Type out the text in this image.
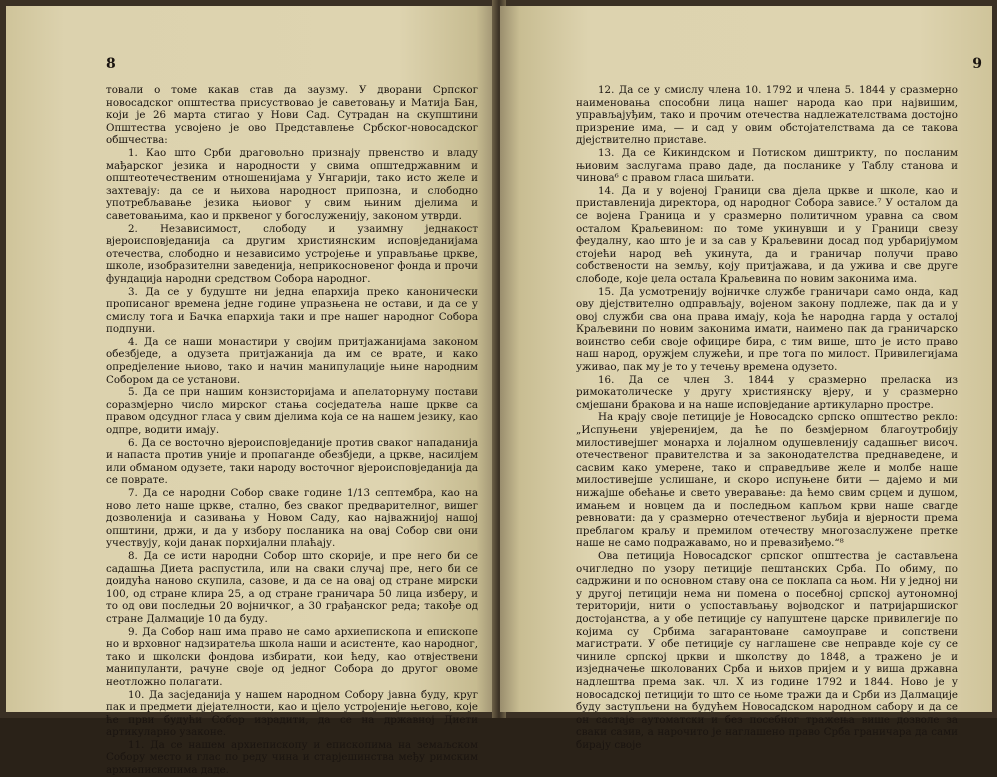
8

товали о томе какав став да заузму. У дворани Српског новосадског општества присуствовао је саветовању и Матија Бан, који је 26 марта стигао у Нови Сад. Сутрадан на скупштини Општества усвојено је ово Представлење Србског-новосадског обшчества:

1. Као што Срби драговољно признају првенство и владу мађарског језика и народности у свима општедржавним и општеотечественим отношенијама у Унгарији, тако исто желе и захтевају: да се и њихова народност припозна, и слободно употребљавање језика њиовог у свим њиним дјелима и саветовањима, као и прквеног у богослуженију, законом утврди.

2. Независимост, слободу и узаимну једнакост вјероисповједанија са другим християнским исповједанијама отечества, слободно и независимо устројење и управљање цркве, школе, изобразителни заведенија, неприкосновеног фонда и прочи фундација народни средством Собора народног.

3. Да се у будуште ни једна епархија преко канонически прописаног времена једне године упразњена не остави, и да се у смислу тога и Бачка епархија таки и пре нашег народног Собора подпуни.

4. Да се наши монастири у својим притјажанијама законом обезбједе, а одузета притјажанија да им се врате, и како опредјеление њиово, тако и начин манипулације њине народним Собором да се установи.

5. Да се при нашим конзисторијама и апелаторнуму постави соразмјерно число мирског стања сосједатеља наше цркве са правом одсудног гласа у свим дјелима која се на нашем језику, као одпре, водити имају.

6. Да се восточно вјероисповједаније против сваког нападанија и напаста против уније и пропаганде обезбједи, а цркве, насилјем или обманом одузете, таки народу восточног вјероисповједанија да се поврате.

7. Да се народни Собор сваке године 1/13 септембра, као на ново лето наше цркве, стално, без сваког предварителног, вишег дозволенија и сазивања у Новом Саду, као најважнијој нашој општини, држи, и да у избору посланика на овај Собор сви они учествују, који данак порхијални плаћају.

8. Да се исти народни Собор што скорије, и пре него би се садашња Диета распустила, или на сваки случај пре, него би се доидућа наново скупила, сазове, и да се на овај од стране мирски 100, од стране клира 25, а од стране граничара 50 лица изберу, и то од ови последњи 20 војничког, а 30 грађанског реда; такође од стране Далмације 10 да буду.

9. Да Собор наш има право не само архиепископа и епископе но и врховног надзиратеља школа наши и асистенте, као народног, тако и школски фондова избирати, кои ћеду, као отвјествени манипуланти, рачуне своје од једног Собора до другог овоме неотложно полагати.

10. Да засједанија у нашем народном Собору јавна буду, круг пак и предмети дјејателности, као и цјело устројеније његово, које ће први будући Собор израдити, да се на државној Диети артикуларно узаконе.

11. Да се нашем архиепископу и епископима на земаљском Собору место и глас по реду чина и старјешинства међу римским архиепископима даде.

9

12. Да се у смислу члена 10. 1792 и члена 5. 1844 у сразмерно наименовања способни лица нашег народа као при највишим, управљајуђим, тако и прочим отечества надлежателствама достојно призрение има, — и сад у овим обстојателствама да се такова дјејствително приставе.

13. Да се Кикиндском и Потиском диштрикту, по посланим њиовим заслугама право даде, да посланике у Таблу станова и чинова⁶ с правом гласа шиљати.

14. Да и у војеној Граници сва дјела цркве и школе, као и приставленија директора, од народног Собора зависе.⁷ У осталом да се војена Граница и у сразмерно политичном уравна са свом осталом Краљевином: по томе укинувши и у Граници свезу феудалну, као што је и за сав у Краљевини досад под урбаријумом стојећи народ већ укинута, да и граничар получи право собствености на земљу, коју притјажава, и да ужива и све друге слободе, које џела остала Краљевина по новим законима има.

15. Да усмотренију војничке службе граничари само онда, кад ову дјејствително одправљају, војеном закону подлеже, пак да и у овој служби сва она права имају, која ће народна гарда у осталој Краљевини по новим законима имати, наимено пак да граничарско воинство себи своје официре бира, с тим више, што је исто право наш народ, оружјем служећи, и пре тога по милост. Привилегијама уживао, пак му је то у течењу времена одузето.

16. Да се члeн 3. 1844 у сразмерно преласка из римокатолическе у другу християнску вјеру, и у сразмерно смјешани бракова и на наше исповједание артикуларно простре.

На крају своје петиције је Новосадско српско општество рекло: „Испуњени увјеренијем, да ће по безмјерном благоутробију милостивејшег монарха и лојалном одушевленију садашњег височ. отечественог правителства и за законодателства преднаведене, и сасвим како умерене, тако и справедљиве желе и молбе наше милостивејше услишане, и скоро испуњене бити — дајемо и ми нижајше обећање и свето уверавање: да ћемо свим срцем и душом, имањем и новцем да и последњом капљом крви наше свагде ревновати: да у сразмерно отечественог љубија и вјерности према преблагом краљу и премилом отечеству многозаслужене претке наше не само подражавамо, но и превазиђемо.“⁸

Ова петиција Новосадског српског општества је састављена очигледно по узору петиције пештанских Срба. По обиму, по садржини и по основном ставу она се поклапа са њом. Ни у једној ни у другој петицији нема ни помена о посебној српској аутономној територији, нити о успостављању војводског и патријаршиског достојанства, а у обе петиције су напуштене царске привилегије по којима су Србима загарантоване самоуправе и сопствени магистрати. У обе петиције су наглашене све неправде које су се чиниле српској цркви и школству до 1848, а тражено је и изједначење школованих Срба и њихов пријем и у виша државна надлештва према зак. чл. X из године 1792 и 1844. Ново је у новосадској петицији то што се њоме тражи да и Срби из Далмације буду заступљени на будућем Новосадском народном сабору и да се он састаје аутоматски и без посебног тражења више дозволе за сваки сазив, а нарочито је наглашено право Срба граничара да сами бирају своје
